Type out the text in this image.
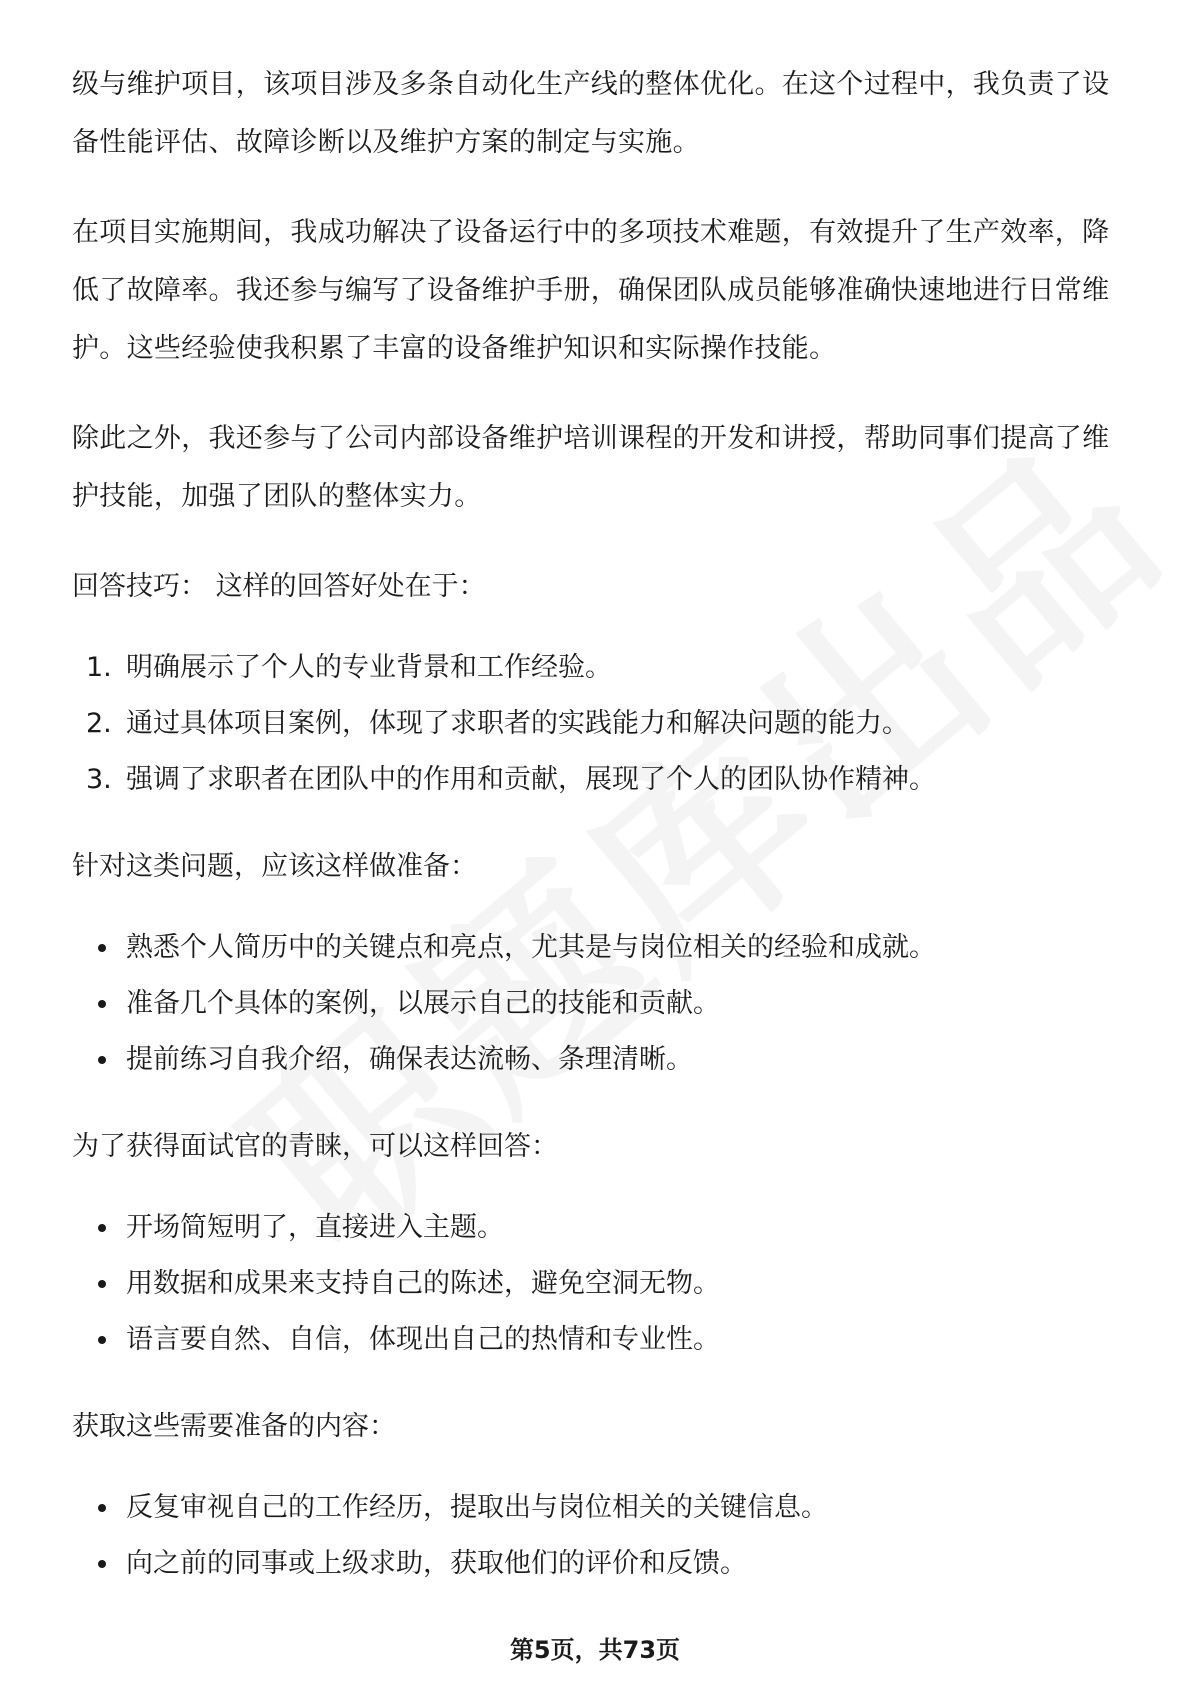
级与维护项目，该项目涉及多条自动化生产线的整体优化。在这个过程中，我负责了设备性能评估、故障诊断以及维护方案的制定与实施。

在项目实施期间，我成功解决了设备运行中的多项技术难题，有效提升了生产效率，降低了故障率。我还参与编写了设备维护手册，确保团队成员能够准确快速地进行日常维护。这些经验使我积累了丰富的设备维护知识和实际操作技能。

除此之外，我还参与了公司内部设备维护培训课程的开发和讲授，帮助同事们提高了维护技能，加强了团队的整体实力。

回答技巧： 这样的回答好处在于：

1. 明确展示了个人的专业背景和工作经验。
2. 通过具体项目案例，体现了求职者的实践能力和解决问题的能力。
3. 强调了求职者在团队中的作用和贡献，展现了个人的团队协作精神。

针对这类问题，应该这样做准备：

熟悉个人简历中的关键点和亮点，尤其是与岗位相关的经验和成就。
准备几个具体的案例，以展示自己的技能和贡献。
提前练习自我介绍，确保表达流畅、条理清晰。

为了获得面试官的青睐，可以这样回答：

开场简短明了，直接进入主题。
用数据和成果来支持自己的陈述，避免空洞无物。
语言要自然、自信，体现出自己的热情和专业性。

获取这些需要准备的内容：

反复审视自己的工作经历，提取出与岗位相关的关键信息。
向之前的同事或上级求助，获取他们的评价和反馈。
第5页，共73页
